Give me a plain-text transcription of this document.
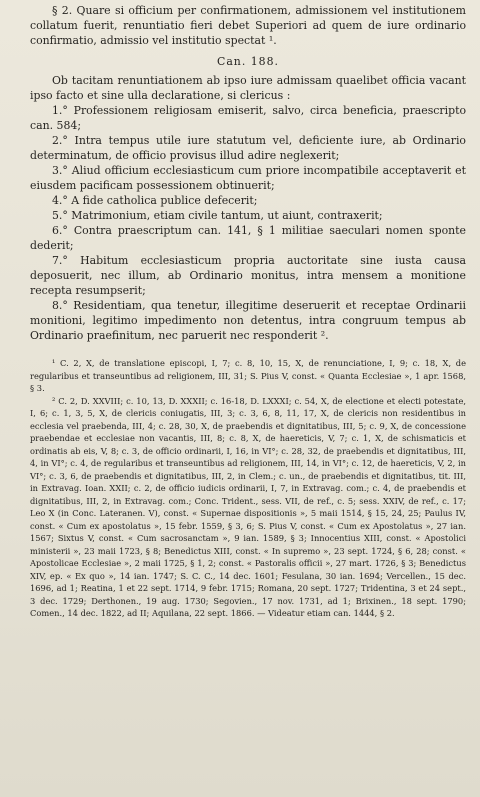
§ 2. Quare si officium per confirmationem, admissionem vel institutionem collatum fuerit, renuntiatio fieri debet Superiori ad quem de iure ordinario confirmatio, admissio vel institutio spectat ¹.

Can. 188.

Ob tacitam renuntiationem ab ipso iure admissam quaelibet officia vacant ipso facto et sine ulla declaratione, si clericus :

1.° Professionem religiosam emiserit, salvo, circa beneficia, praescripto can. 584;

2.° Intra tempus utile iure statutum vel, deficiente iure, ab Ordinario determinatum, de officio provisus illud adire neglexerit;

3.° Aliud officium ecclesiasticum cum priore incompatibile acceptaverit et eiusdem pacificam possessionem obtinuerit;

4.° A fide catholica publice defecerit;

5.° Matrimonium, etiam civile tantum, ut aiunt, contraxerit;

6.° Contra praescriptum can. 141, § 1 militiae saeculari nomen sponte dederit;

7.° Habitum ecclesiasticum propria auctoritate sine iusta causa deposuerit, nec illum, ab Ordinario monitus, intra mensem a monitione recepta resumpserit;

8.° Residentiam, qua tenetur, illegitime deseruerit et receptae Ordinarii monitioni, legitimo impedimento non detentus, intra congruum tempus ab Ordinario praefinitum, nec paruerit nec responderit ².

¹ C. 2, X, de translatione episcopi, I, 7; c. 8, 10, 15, X, de renunciatione, I, 9; c. 18, X, de regularibus et transeuntibus ad religionem, III, 31; S. Pius V, const. « Quanta Ecclesiae », 1 apr. 1568, § 3.

² C. 2, D. XXVIII; c. 10, 13, D. XXXII; c. 16-18, D. LXXXI; c. 54, X, de electione et electi potestate, I, 6; c. 1, 3, 5, X, de clericis coniugatis, III, 3; c. 3, 6, 8, 11, 17, X, de clericis non residentibus in ecclesia vel praebenda, III, 4; c. 28, 30, X, de praebendis et dignitatibus, III, 5; c. 9, X, de concessione praebendae et ecclesiae non vacantis, III, 8; c. 8, X, de haereticis, V, 7; c. 1, X, de schismaticis et ordinatis ab eis, V, 8; c. 3, de officio ordinarii, I, 16, in VI°; c. 28, 32, de praebendis et dignitatibus, III, 4, in VI°; c. 4, de regularibus et transeuntibus ad religionem, III, 14, in VI°; c. 12, de haereticis, V, 2, in VI°; c. 3, 6, de praebendis et dignitatibus, III, 2, in Clem.; c. un., de praebendis et dignitatibus, tit. III, in Extravag. Ioan. XXII; c. 2, de officio iudicis ordinarii, I, 7, in Extravag. com.; c. 4, de praebendis et dignitatibus, III, 2, in Extravag. com.; Conc. Trident., sess. VII, de ref., c. 5; sess. XXIV, de ref., c. 17; Leo X (in Conc. Lateranen. V), const. « Supernae dispositionis », 5 maii 1514, § 15, 24, 25; Paulus IV, const. « Cum ex apostolatus », 15 febr. 1559, § 3, 6; S. Pius V, const. « Cum ex Apostolatus », 27 ian. 1567; Sixtus V, const. « Cum sacrosanctam », 9 ian. 1589, § 3; Innocentius XIII, const. « Apostolici ministerii », 23 maii 1723, § 8; Benedictus XIII, const. « In supremo », 23 sept. 1724, § 6, 28; const. « Apostolicae Ecclesiae », 2 maii 1725, § 1, 2; const. « Pastoralis officii », 27 mart. 1726, § 3; Benedictus XIV, ep. « Ex quo », 14 ian. 1747; S. C. C., 14 dec. 1601; Fesulana, 30 ian. 1694; Vercellen., 15 dec. 1696, ad 1; Reatina, 1 et 22 sept. 1714, 9 febr. 1715; Romana, 20 sept. 1727; Tridentina, 3 et 24 sept., 3 dec. 1729; Derthonen., 19 aug. 1730; Segovien., 17 nov. 1731, ad 1; Brixinen., 18 sept. 1790; Comen., 14 dec. 1822, ad II; Aquilana, 22 sept. 1866. — Videatur etiam can. 1444, § 2.
